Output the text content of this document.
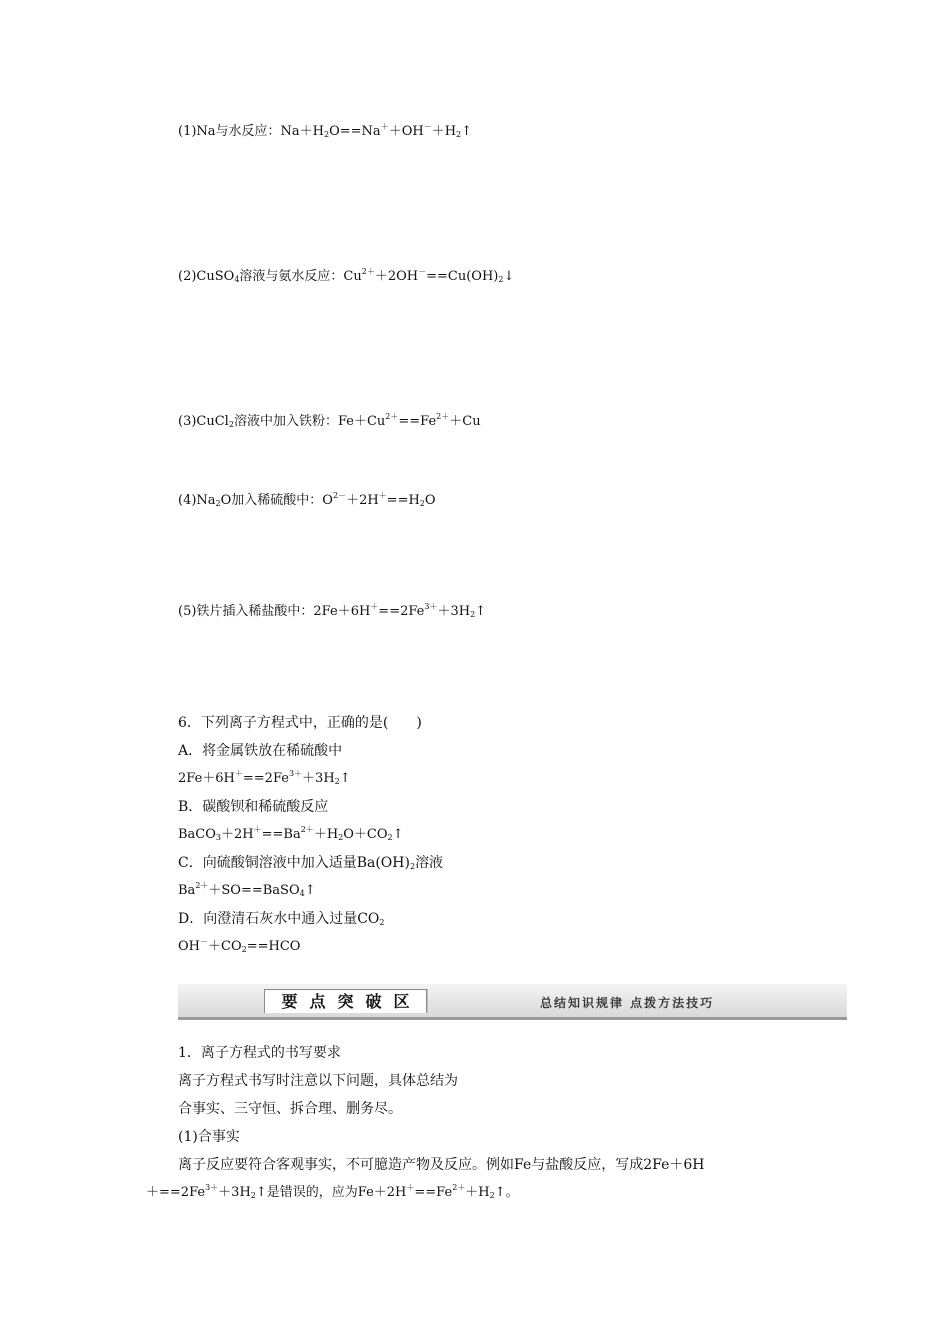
(1)Na与水反应：$Na+H_2O==Na^++OH^-+H_2↑$
(2)CuSO$_4$溶液与氨水反应：$Cu^{2+}+2OH^-==Cu(OH)_2↓$
(3)CuCl$_2$溶液中加入铁粉：$Fe+Cu^{2+}==Fe^{2+}+Cu$
$(4)Na_2O$加入稀硫酸中：$O^{2-}+2H^+==H_2O$
(5)铁片插入稀盐酸中：$2Fe+6H^+==2Fe^{3+}+3H_2↑$
6．下列离子方程式中，正确的是(　　)
A．将金属铁放在稀硫酸中
$2Fe+6H^+==2Fe^{3+}+3H_2↑$
B．碳酸钡和稀硫酸反应
$BaCO_3+2H^+==Ba^{2+}+H_2O+CO_2↑$
C．向硫酸铜溶液中加入适量$Ba(OH)_2$溶液
$Ba^{2+}+SO==BaSO_4↑$
D．向澄清石灰水中通入过量$CO_2$
$OH^-+CO_2==HCO$
要点突破区	总结知识规律 点拨方法技巧
1．离子方程式的书写要求
离子方程式书写时注意以下问题，具体总结为
合事实、三守恒、拆合理、删务尽。
(1)合事实
离子反应要符合客观事实，不可臆造产物及反应。例如Fe与盐酸反应，写成2Fe＋6H
$+==2Fe^{3+}+3H_2↑$是错误的，应为$Fe+2H^+==Fe^{2+}+H_2↑$。
